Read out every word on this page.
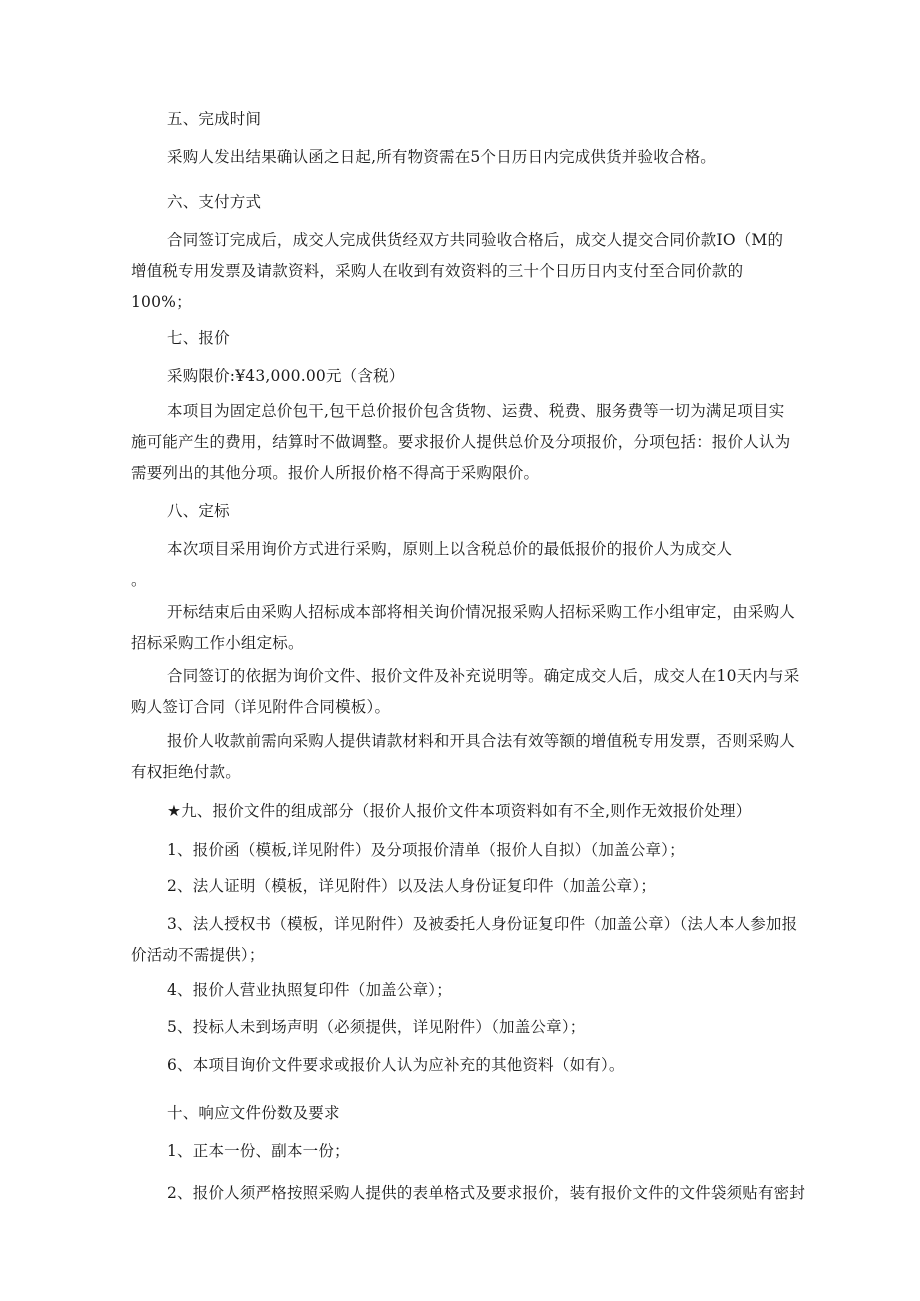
五、完成时间
采购人发出结果确认函之日起,所有物资需在5个日历日内完成供货并验收合格。
六、支付方式
合同签订完成后，成交人完成供货经双方共同验收合格后，成交人提交合同价款IO（M的
增值税专用发票及请款资料，采购人在收到有效资料的三十个日历日内支付至合同价款的
100%；
七、报价
采购限价:¥43,000.00元（含税）
本项目为固定总价包干,包干总价报价包含货物、运费、税费、服务费等一切为满足项目实
施可能产生的费用，结算时不做调整。要求报价人提供总价及分项报价，分项包括：报价人认为
需要列出的其他分项。报价人所报价格不得高于采购限价。
八、定标
本次项目采用询价方式进行采购，原则上以含税总价的最低报价的报价人为成交人
。
开标结束后由采购人招标成本部将相关询价情况报采购人招标采购工作小组审定，由采购人
招标采购工作小组定标。
合同签订的依据为询价文件、报价文件及补充说明等。确定成交人后，成交人在10天内与采
购人签订合同（详见附件合同模板）。
报价人收款前需向采购人提供请款材料和开具合法有效等额的增值税专用发票，否则采购人
有权拒绝付款。
★九、报价文件的组成部分（报价人报价文件本项资料如有不全,则作无效报价处理）
1、报价函（模板,详见附件）及分项报价清单（报价人自拟）（加盖公章）；
2、法人证明（模板，详见附件）以及法人身份证复印件（加盖公章）；
3、法人授权书（模板，详见附件）及被委托人身份证复印件（加盖公章）（法人本人参加报
价活动不需提供）；
4、报价人营业执照复印件（加盖公章）；
5、投标人未到场声明（必须提供，详见附件）（加盖公章）；
6、本项目询价文件要求或报价人认为应补充的其他资料（如有）。
十、响应文件份数及要求
1、正本一份、副本一份；
2、报价人须严格按照采购人提供的表单格式及要求报价，装有报价文件的文件袋须贴有密封
